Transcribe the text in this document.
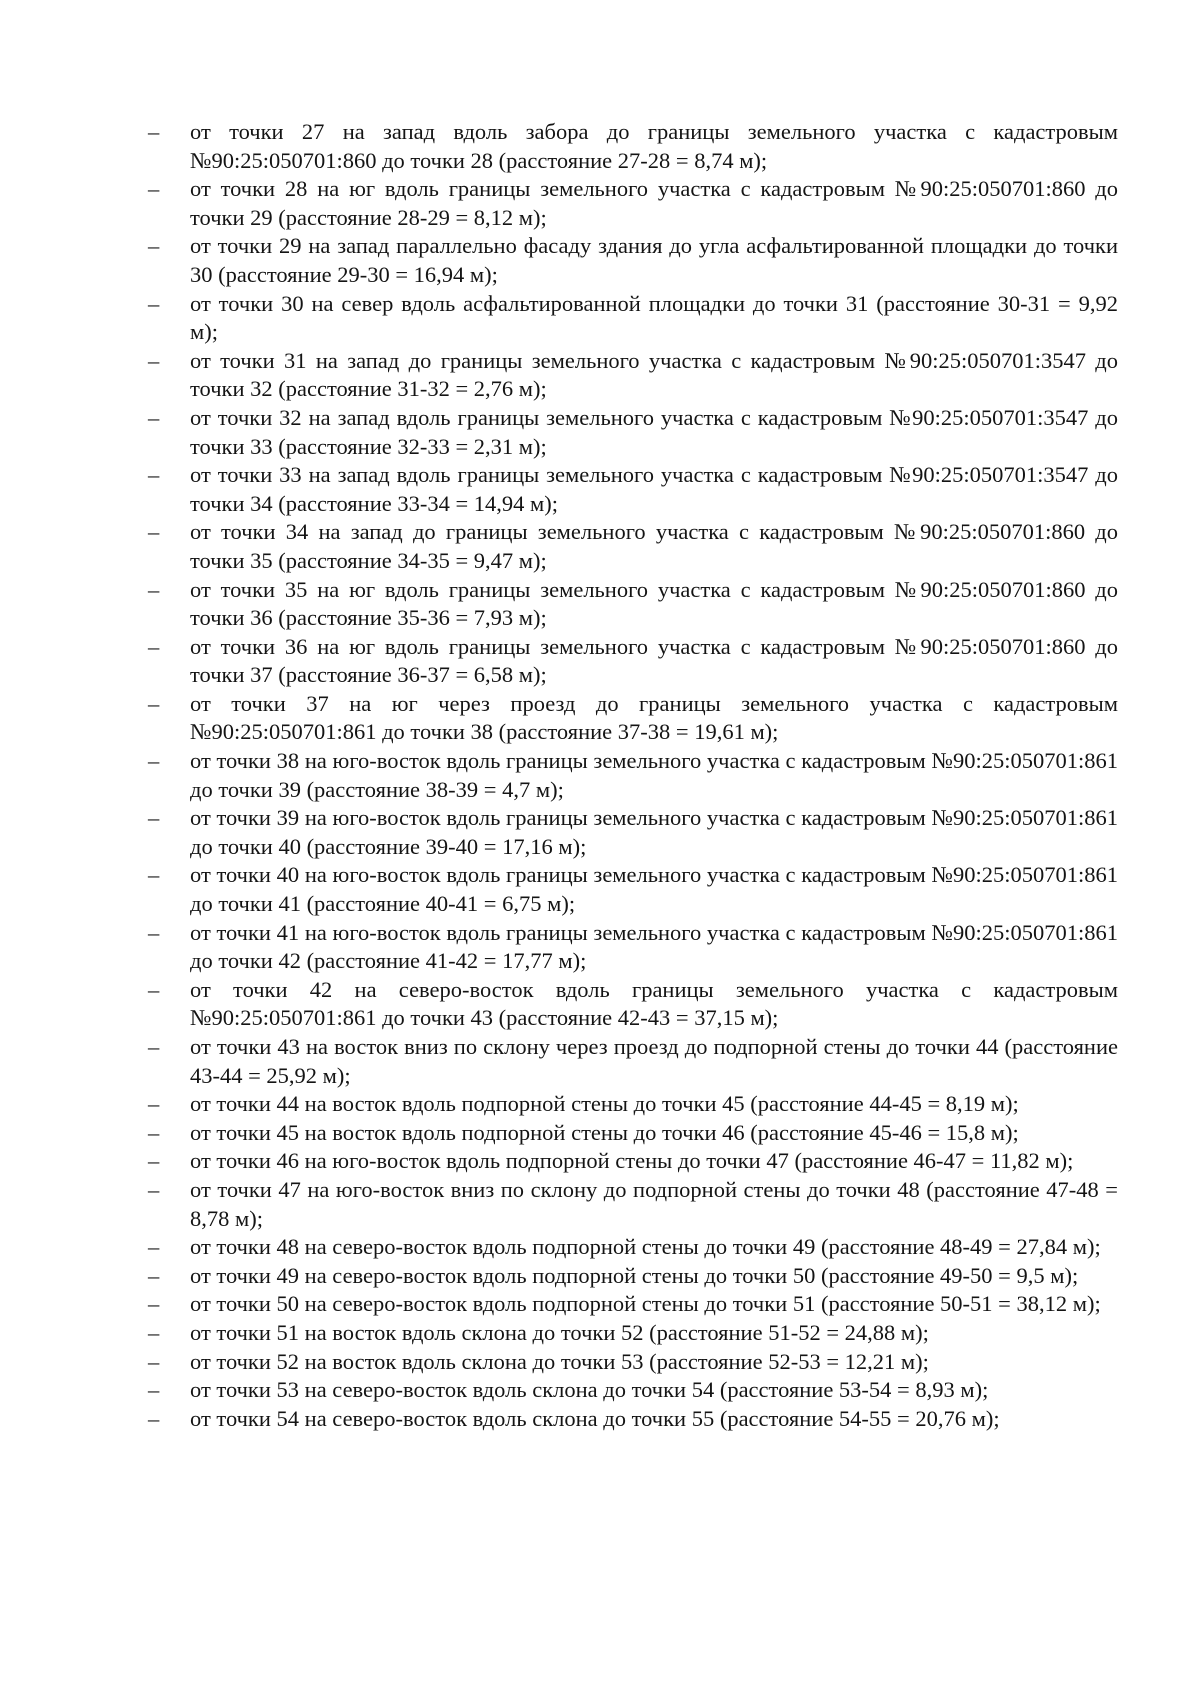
–	от точки 27 на запад вдоль забора до границы земельного участка с кадастровым №90:25:050701:860 до точки 28 (расстояние 27-28 = 8,74 м);
–	от точки 28 на юг вдоль границы земельного участка с кадастровым №90:25:050701:860 до точки 29 (расстояние 28-29 = 8,12 м);
–	от точки 29 на запад параллельно фасаду здания до угла асфальтированной площадки до точки 30 (расстояние 29-30 = 16,94 м);
–	от точки 30 на север вдоль асфальтированной площадки до точки 31 (расстояние 30-31 = 9,92 м);
–	от точки 31 на запад до границы земельного участка с кадастровым №90:25:050701:3547 до точки 32 (расстояние 31-32 = 2,76 м);
–	от точки 32 на запад вдоль границы земельного участка с кадастровым №90:25:050701:3547 до точки 33 (расстояние 32-33 = 2,31 м);
–	от точки 33 на запад вдоль границы земельного участка с кадастровым №90:25:050701:3547 до точки 34 (расстояние 33-34 = 14,94 м);
–	от точки 34 на запад до границы земельного участка с кадастровым №90:25:050701:860 до точки 35 (расстояние 34-35 = 9,47 м);
–	от точки 35 на юг вдоль границы земельного участка с кадастровым №90:25:050701:860 до точки 36 (расстояние 35-36 = 7,93 м);
–	от точки 36 на юг вдоль границы земельного участка с кадастровым №90:25:050701:860 до точки 37 (расстояние 36-37 = 6,58 м);
–	от точки 37 на юг через проезд до границы земельного участка с кадастровым №90:25:050701:861 до точки 38 (расстояние 37-38 = 19,61 м);
–	от точки 38 на юго-восток вдоль границы земельного участка с кадастровым №90:25:050701:861 до точки 39 (расстояние 38-39 = 4,7 м);
–	от точки 39 на юго-восток вдоль границы земельного участка с кадастровым №90:25:050701:861 до точки 40 (расстояние 39-40 = 17,16 м);
–	от точки 40 на юго-восток вдоль границы земельного участка с кадастровым №90:25:050701:861 до точки 41 (расстояние 40-41 = 6,75 м);
–	от точки 41 на юго-восток вдоль границы земельного участка с кадастровым №90:25:050701:861 до точки 42 (расстояние 41-42 = 17,77 м);
–	от точки 42 на северо-восток вдоль границы земельного участка с кадастровым №90:25:050701:861 до точки 43 (расстояние 42-43 = 37,15 м);
–	от точки 43 на восток вниз по склону через проезд до подпорной стены до точки 44 (расстояние 43-44 = 25,92 м);
–	от точки 44 на восток вдоль подпорной стены до точки 45 (расстояние 44-45 = 8,19 м);
–	от точки 45 на восток вдоль подпорной стены до точки 46 (расстояние 45-46 = 15,8 м);
–	от точки 46 на юго-восток вдоль подпорной стены до точки 47 (расстояние 46-47 = 11,82 м);
–	от точки 47 на юго-восток вниз по склону до подпорной стены до точки 48 (расстояние 47-48 = 8,78 м);
–	от точки 48 на северо-восток вдоль подпорной стены до точки 49 (расстояние 48-49 = 27,84 м);
–	от точки 49 на северо-восток вдоль подпорной стены до точки 50 (расстояние 49-50 = 9,5 м);
–	от точки 50 на северо-восток вдоль подпорной стены до точки 51 (расстояние 50-51 = 38,12 м);
–	от точки 51 на восток вдоль склона до точки 52 (расстояние 51-52 = 24,88 м);
–	от точки 52 на восток вдоль склона до точки 53 (расстояние 52-53 = 12,21 м);
–	от точки 53 на северо-восток вдоль склона до точки 54 (расстояние 53-54 = 8,93 м);
–	от точки 54 на северо-восток вдоль склона до точки 55 (расстояние 54-55 = 20,76 м);
